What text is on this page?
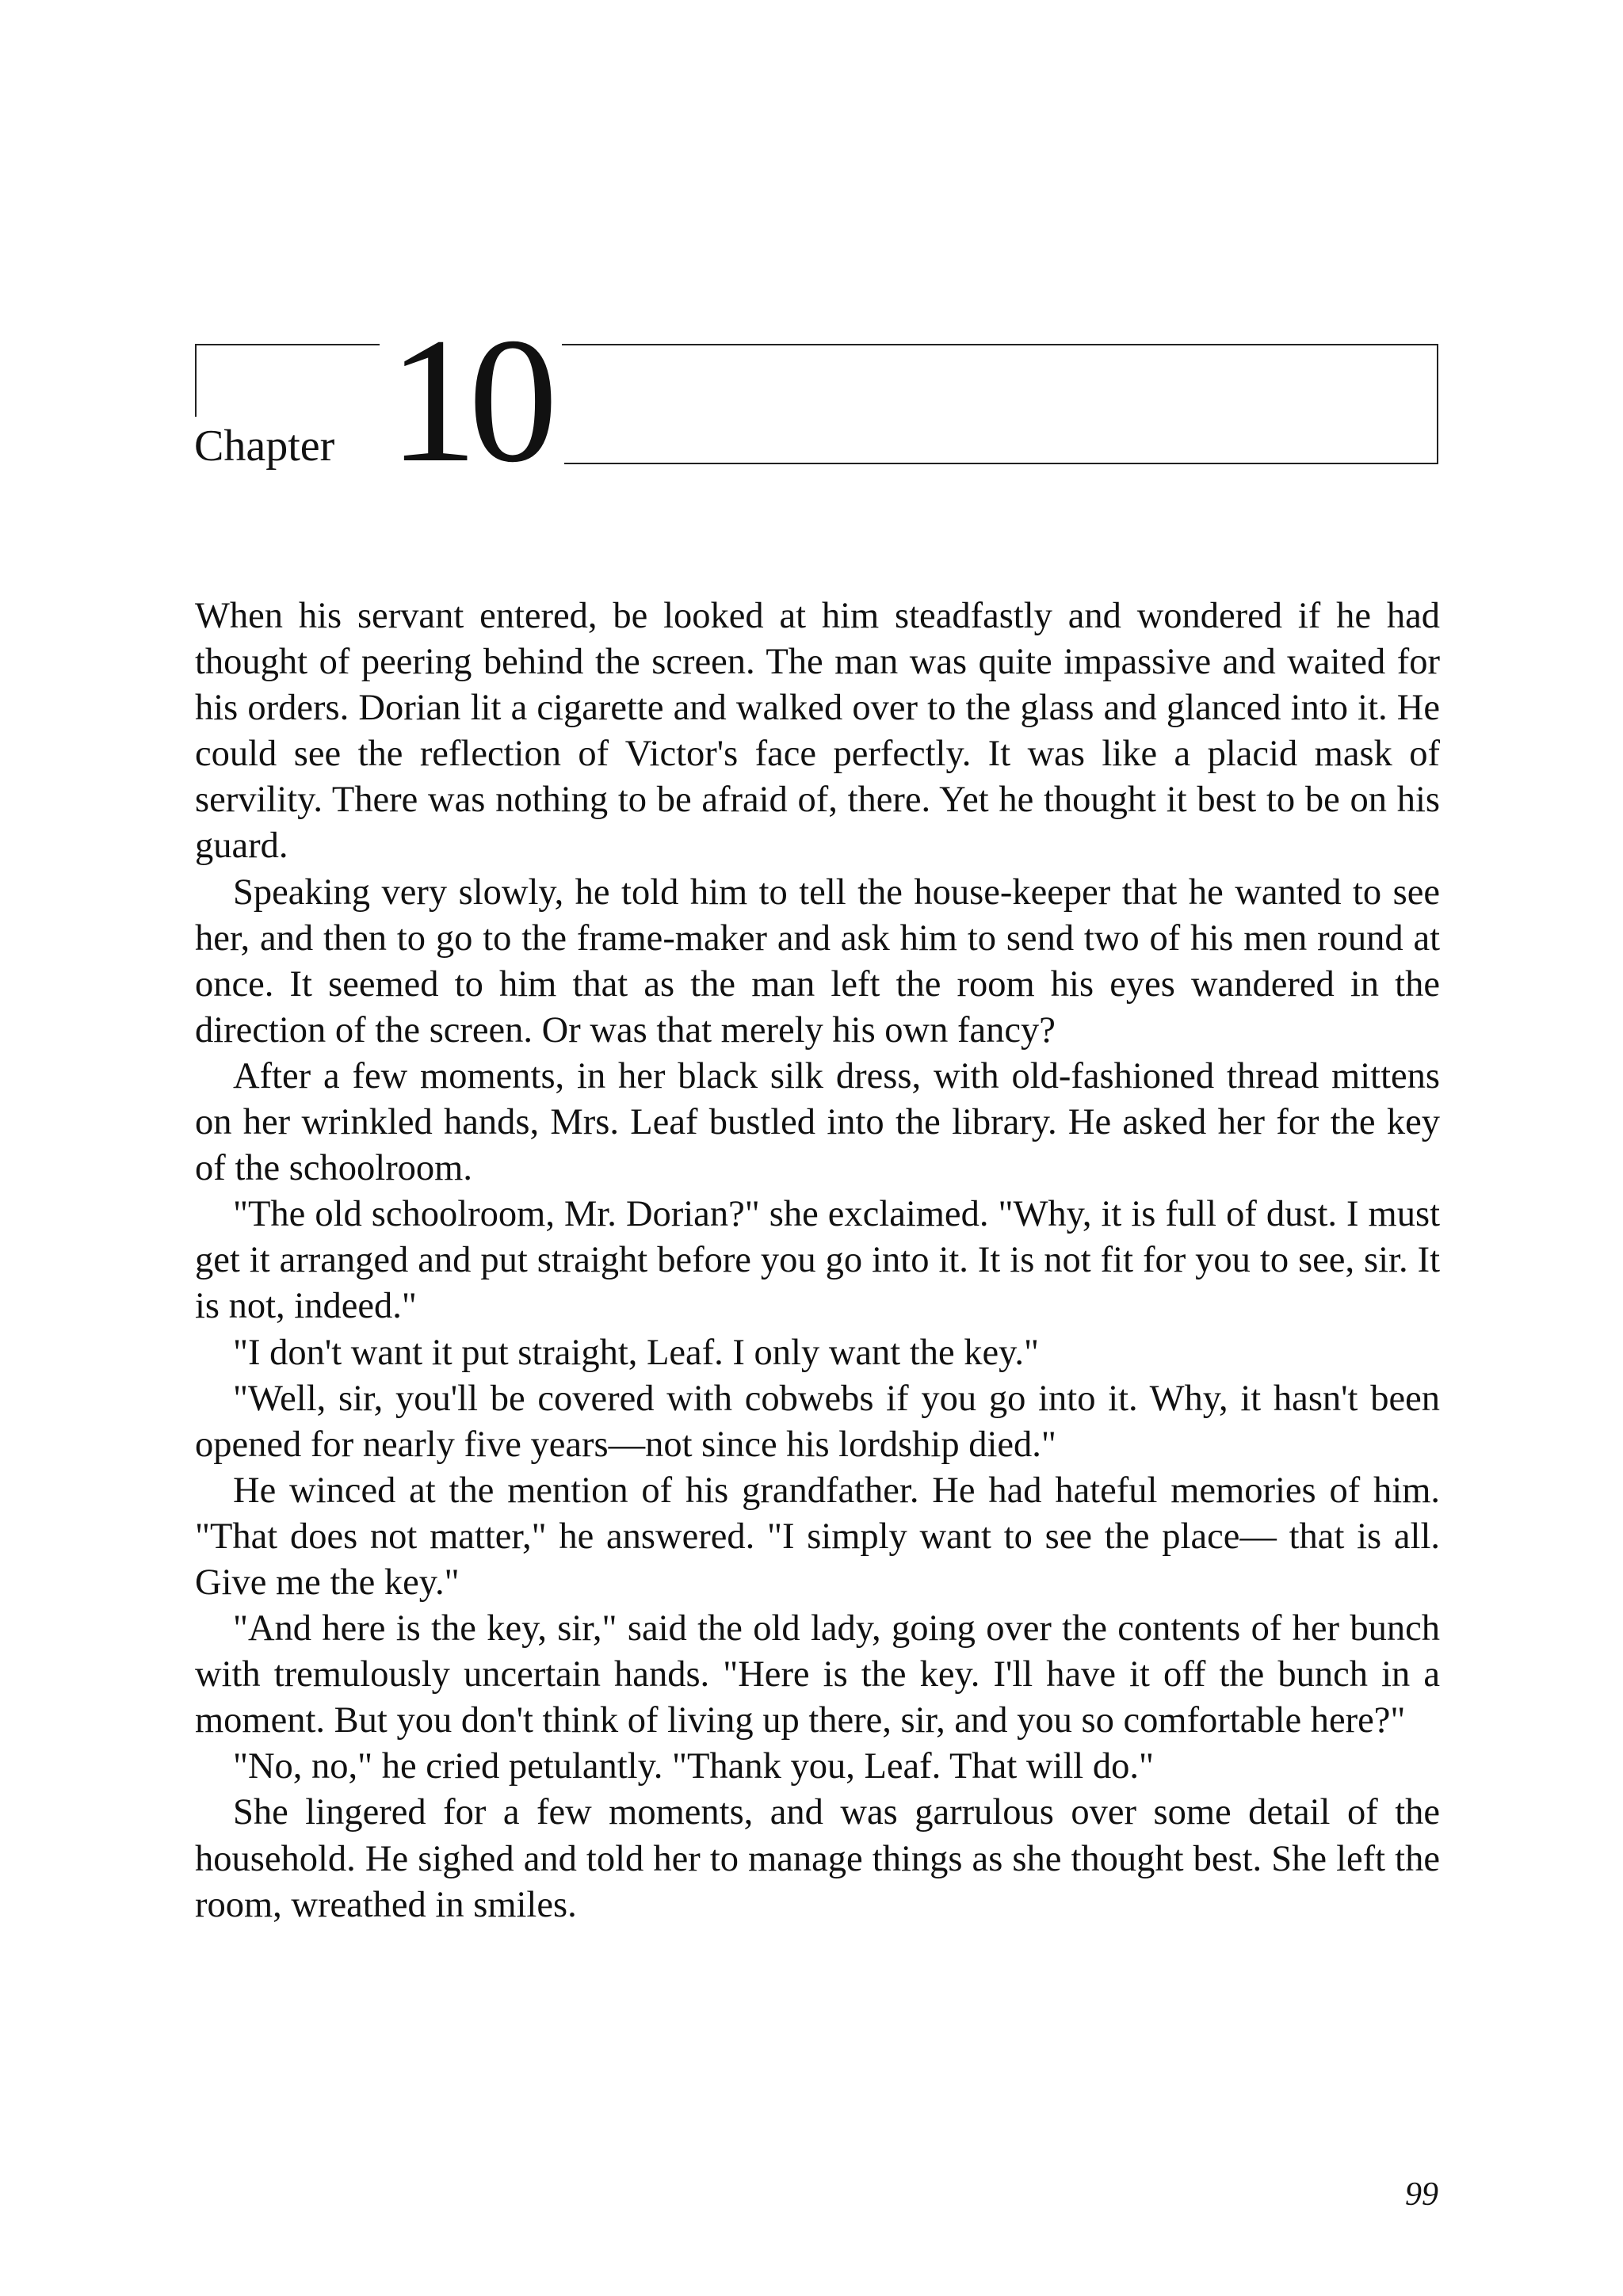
Chapter 10

When his servant entered, be looked at him steadfastly and wondered if he had thought of peering behind the screen. The man was quite impassive and waited for his orders. Dorian lit a cigarette and walked over to the glass and glanced into it. He could see the reflection of Victor's face perfectly. It was like a placid mask of servility. There was nothing to be afraid of, there. Yet he thought it best to be on his guard.

Speaking very slowly, he told him to tell the house-keeper that he wanted to see her, and then to go to the frame-maker and ask him to send two of his men round at once. It seemed to him that as the man left the room his eyes wandered in the direction of the screen. Or was that merely his own fancy?

After a few moments, in her black silk dress, with old-fashioned thread mittens on her wrinkled hands, Mrs. Leaf bustled into the library. He asked her for the key of the schoolroom.

"The old schoolroom, Mr. Dorian?" she exclaimed. "Why, it is full of dust. I must get it arranged and put straight before you go into it. It is not fit for you to see, sir. It is not, indeed."

"I don't want it put straight, Leaf. I only want the key."

"Well, sir, you'll be covered with cobwebs if you go into it. Why, it hasn't been opened for nearly five years—not since his lordship died."

He winced at the mention of his grandfather. He had hateful memories of him. "That does not matter," he answered. "I simply want to see the place— that is all. Give me the key."

"And here is the key, sir," said the old lady, going over the contents of her bunch with tremulously uncertain hands. "Here is the key. I'll have it off the bunch in a moment. But you don't think of living up there, sir, and you so comfortable here?"

"No, no," he cried petulantly. "Thank you, Leaf. That will do."

She lingered for a few moments, and was garrulous over some detail of the household. He sighed and told her to manage things as she thought best. She left the room, wreathed in smiles.

99
